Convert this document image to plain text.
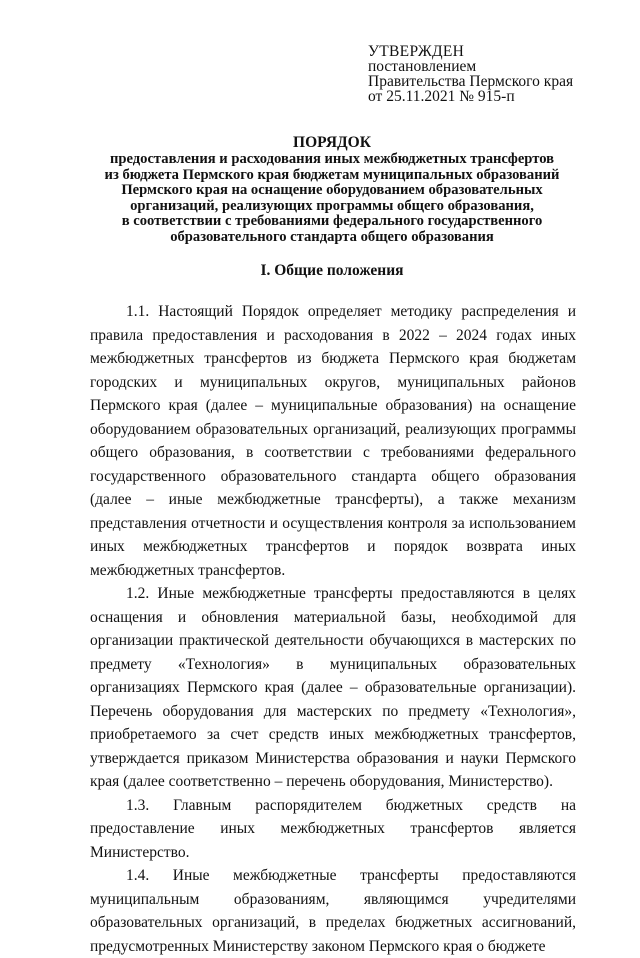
УТВЕРЖДЕН
постановлением
Правительства Пермского края
от 25.11.2021 № 915-п
ПОРЯДОК
предоставления и расходования иных межбюджетных трансфертов
из бюджета Пермского края бюджетам муниципальных образований
Пермского края на оснащение оборудованием образовательных
организаций, реализующих программы общего образования,
в соответствии с требованиями федерального государственного
образовательного стандарта общего образования
I. Общие положения

1.1. Настоящий Порядок определяет методику распределения и правила предоставления и расходования в 2022 – 2024 годах иных межбюджетных трансфертов из бюджета Пермского края бюджетам городских и муниципальных округов, муниципальных районов Пермского края (далее – муниципальные образования) на оснащение оборудованием образовательных организаций, реализующих программы общего образования, в соответствии с требованиями федерального государственного образовательного стандарта общего образования (далее – иные межбюджетные трансферты), а также механизм представления отчетности и осуществления контроля за использованием иных межбюджетных трансфертов и порядок возврата иных межбюджетных трансфертов.

1.2. Иные межбюджетные трансферты предоставляются в целях оснащения и обновления материальной базы, необходимой для организации практической деятельности обучающихся в мастерских по предмету «Технология» в муниципальных образовательных организациях Пермского края (далее – образовательные организации). Перечень оборудования для мастерских по предмету «Технология», приобретаемого за счет средств иных межбюджетных трансфертов, утверждается приказом Министерства образования и науки Пермского края (далее соответственно – перечень оборудования, Министерство).

1.3. Главным распорядителем бюджетных средств на предоставление иных межбюджетных трансфертов является Министерство.

1.4. Иные межбюджетные трансферты предоставляются муниципальным образованиям, являющимся учредителями образовательных организаций, в пределах бюджетных ассигнований, предусмотренных Министерству законом Пермского края о бюджете
